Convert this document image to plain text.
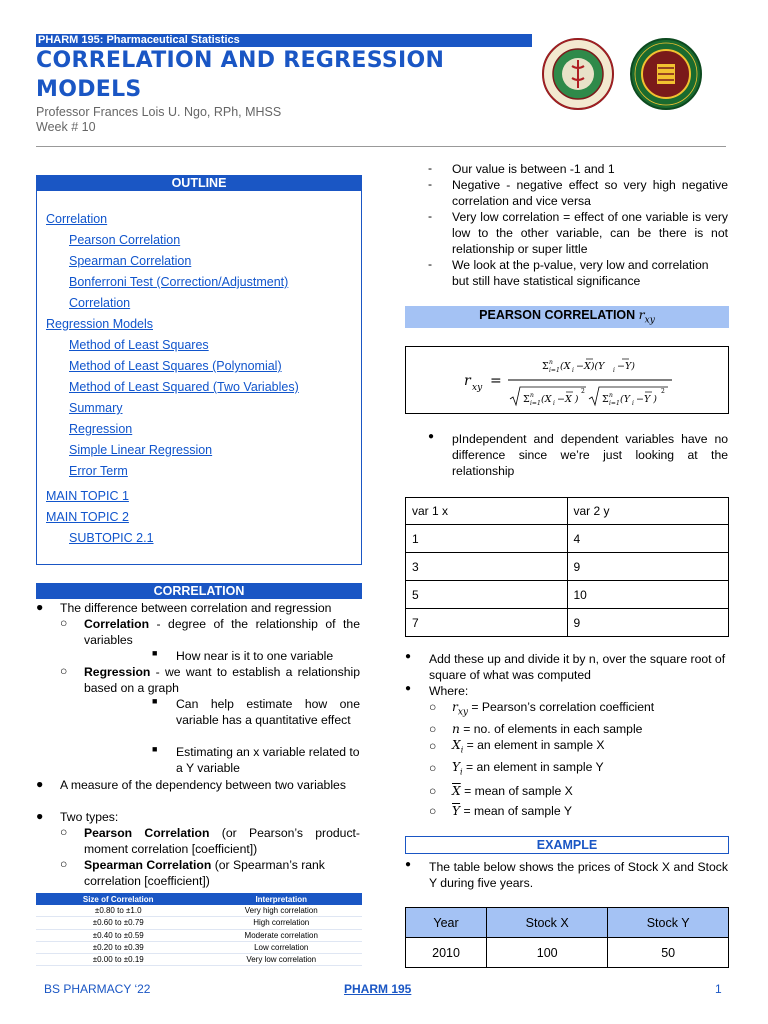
PHARM 195: Pharmaceutical Statistics
CORRELATION AND REGRESSION
MODELS
Professor Frances Lois U. Ngo, RPh, MHSS
Week # 10
OUTLINE
Correlation
Pearson Correlation
Spearman Correlation
Bonferroni Test (Correction/Adjustment)
Correlation
Regression Models
Method of Least Squares
Method of Least Squares (Polynomial)
Method of Least Squared (Two Variables)
Summary
Regression
Simple Linear Regression
Error Term
MAIN TOPIC 1
MAIN TOPIC 2
SUBTOPIC 2.1
CORRELATION
● The difference between correlation and regression
○ Correlation - degree of the relationship of the variables
■ How near is it to one variable
○ Regression - we want to establish a relationship based on a graph
■ Can help estimate how one variable has a quantitative effect
■ Estimating an x variable related to a Y variable
● A measure of the dependency between two variables
● Two types:
○ Pearson Correlation (or Pearson’s product-moment correlation [coefficient])
○ Spearman Correlation (or Spearman’s rank correlation [coefficient])
Size of Correlation	Interpretation
±0.80 to ±1.0	Very high correlation
±0.60 to ±0.79	High correlation
±0.40 to ±0.59	Moderate correlation
±0.20 to ±0.39	Low correlation
±0.00 to ±0.19	Very low correlation
- Our value is between -1 and 1
- Negative - negative effect so very high negative correlation and vice versa
- Very low correlation = effect of one variable is very low to the other variable, can be there is not relationship or super little
- We look at the p-value, very low and correlation but still have statistical significance
PEARSON CORRELATION $r_{xy}$
r xy =
Σ n
i=1 (X i −X)(Y i −Y)
Σ n
i=1 (X i −X )
2
Σ n
i=1 (Y i −Y )
2
● pIndependent and dependent variables have no difference since we’re just looking at the relationship
var 1 x	var 2 y
1	4
3	9
5	10
7	9
● Add these up and divide it by n, over the square root of square of what was computed
● Where:
○ $r_{xy}$ = Pearson’s correlation coefficient
○ n = no. of elements in each sample
○ $X_i$ = an element in sample X
○ $Y_i$ = an element in sample Y
○ $\overline{X}$ = mean of sample X
○ $\overline{Y}$ = mean of sample Y
EXAMPLE
● The table below shows the prices of Stock X and Stock Y during five years.
Year	Stock X	Stock Y
2010	100	50
BS PHARMACY ‘22	PHARM 195	1
